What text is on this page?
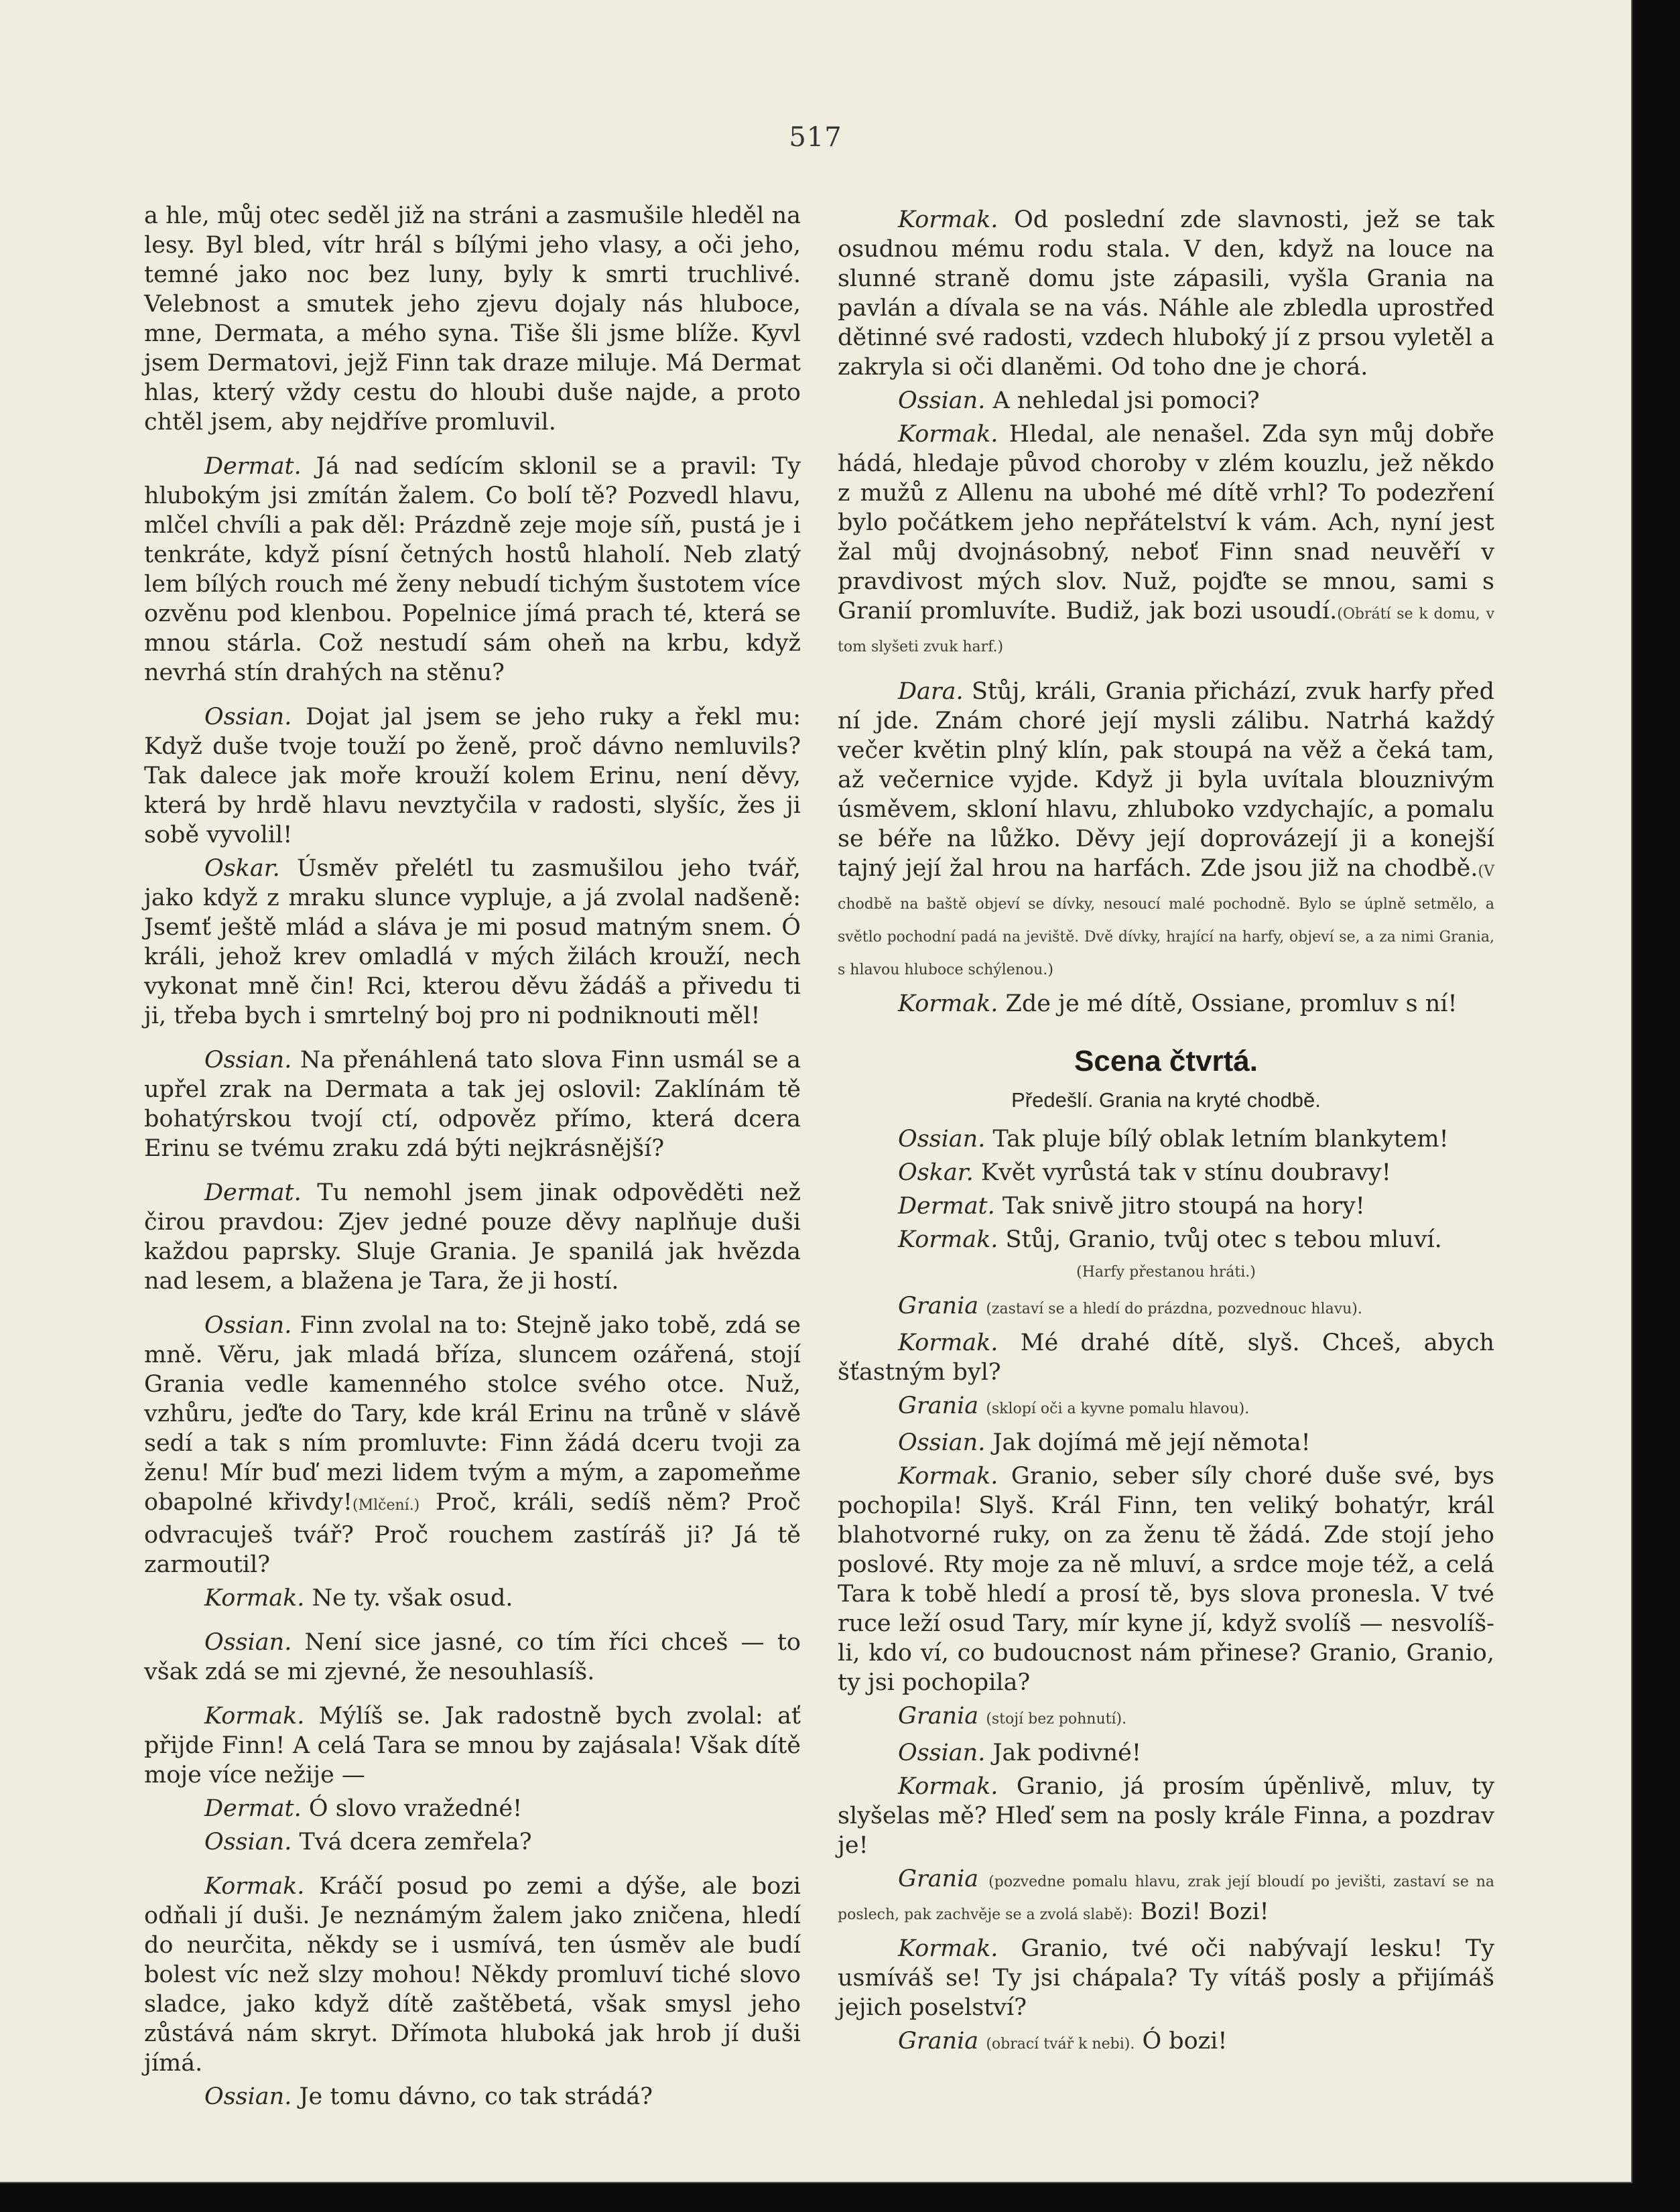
517

a hle, můj otec seděl již na stráni a zasmušile hleděl na lesy. Byl bled, vítr hrál s bílými jeho vlasy, a oči jeho, temné jako noc bez luny, byly k smrti truchlivé. Velebnost a smutek jeho zjevu dojaly nás hluboce, mne, Dermata, a mého syna. Tiše šli jsme blíže. Kyvl jsem Dermatovi, jejž Finn tak draze miluje. Má Dermat hlas, který vždy cestu do hloubi duše najde, a proto chtěl jsem, aby nejdříve promluvil.

Dermat. Já nad sedícím sklonil se a pravil: Ty hlubokým jsi zmítán žalem. Co bolí tě? Pozvedl hlavu, mlčel chvíli a pak děl: Prázdně zeje moje síň, pustá je i tenkráte, když písní četných hostů hlaholí. Neb zlatý lem bílých rouch mé ženy nebudí tichým šustotem více ozvěnu pod klenbou. Popelnice jímá prach té, která se mnou stárla. Což nestudí sám oheň na krbu, když nevrhá stín drahých na stěnu?

Ossian. Dojat jal jsem se jeho ruky a řekl mu: Když duše tvoje touží po ženě, proč dávno nemluvils? Tak dalece jak moře krouží kolem Erinu, není děvy, která by hrdě hlavu nevztyčila v radosti, slyšíc, žes ji sobě vyvolil!

Oskar. Úsměv přelétl tu zasmušilou jeho tvář, jako když z mraku slunce vypluje, a já zvolal nadšeně: Jsemť ještě mlád a sláva je mi posud matným snem. Ó králi, jehož krev omladlá v mých žilách krouží, nech vykonat mně čin! Rci, kterou děvu žádáš a přivedu ti ji, třeba bych i smrtelný boj pro ni podniknouti měl!

Ossian. Na přenáhlená tato slova Finn usmál se a upřel zrak na Dermata a tak jej oslovil: Zaklínám tě bohatýrskou tvojí ctí, odpověz přímo, která dcera Erinu se tvému zraku zdá býti nejkrásnější?

Dermat. Tu nemohl jsem jinak odpověděti než čirou pravdou: Zjev jedné pouze děvy naplňuje duši každou paprsky. Sluje Grania. Je spanilá jak hvězda nad lesem, a blažena je Tara, že ji hostí.

Ossian. Finn zvolal na to: Stejně jako tobě, zdá se mně. Věru, jak mladá bříza, sluncem ozářená, stojí Grania vedle kamenného stolce svého otce. Nuž, vzhůru, jeďte do Tary, kde král Erinu na trůně v slávě sedí a tak s ním promluvte: Finn žádá dceru tvoji za ženu! Mír buď mezi lidem tvým a mým, a zapomeňme obapolné křivdy!(Mlčení.) Proč, králi, sedíš něm? Proč odvracuješ tvář? Proč rouchem zastíráš ji? Já tě zarmoutil?

Kormak. Ne ty. však osud.

Ossian. Není sice jasné, co tím říci chceš — to však zdá se mi zjevné, že nesouhlasíš.

Kormak. Mýlíš se. Jak radostně bych zvolal: ať přijde Finn! A celá Tara se mnou by zajásala! Však dítě moje více nežije —

Dermat. Ó slovo vražedné!

Ossian. Tvá dcera zemřela?

Kormak. Kráčí posud po zemi a dýše, ale bozi odňali jí duši. Je neznámým žalem jako zničena, hledí do neurčita, někdy se i usmívá, ten úsměv ale budí bolest víc než slzy mohou! Někdy promluví tiché slovo sladce, jako když dítě zaštěbetá, však smysl jeho zůstává nám skryt. Dřímota hluboká jak hrob jí duši jímá.

Ossian. Je tomu dávno, co tak strádá?

Kormak. Od poslední zde slavnosti, jež se tak osudnou mému rodu stala. V den, když na louce na slunné straně domu jste zápasili, vyšla Grania na pavlán a dívala se na vás. Náhle ale zbledla uprostřed dětinné své radosti, vzdech hluboký jí z prsou vyletěl a zakryla si oči dlaněmi. Od toho dne je chorá.

Ossian. A nehledal jsi pomoci?

Kormak. Hledal, ale nenašel. Zda syn můj dobře hádá, hledaje původ choroby v zlém kouzlu, jež někdo z mužů z Allenu na ubohé mé dítě vrhl? To podezření bylo počátkem jeho nepřátelství k vám. Ach, nyní jest žal můj dvojnásobný, neboť Finn snad neuvěří v pravdivost mých slov. Nuž, pojďte se mnou, sami s Granií promluvíte. Budiž, jak bozi usoudí.(Obrátí se k domu, v tom slyšeti zvuk harf.)

Dara. Stůj, králi, Grania přichází, zvuk harfy před ní jde. Znám choré její mysli zálibu. Natrhá každý večer květin plný klín, pak stoupá na věž a čeká tam, až večernice vyjde. Když ji byla uvítala blouznivým úsměvem, skloní hlavu, zhluboko vzdychajíc, a pomalu se béře na lůžko. Děvy její doprovázejí ji a konejší tajný její žal hrou na harfách. Zde jsou již na chodbě.(V chodbě na baště objeví se dívky, nesoucí malé pochodně. Bylo se úplně setmělo, a světlo pochodní padá na jeviště. Dvě dívky, hrající na harfy, objeví se, a za nimi Grania, s hlavou hluboce schýlenou.)

Kormak. Zde je mé dítě, Ossiane, promluv s ní!

Scena čtvrtá.
Předešlí. Grania na kryté chodbě.

Ossian. Tak pluje bílý oblak letním blankytem!

Oskar. Květ vyrůstá tak v stínu doubravy!

Dermat. Tak snivě jitro stoupá na hory!

Kormak. Stůj, Granio, tvůj otec s tebou mluví.

(Harfy přestanou hráti.)

Grania (zastaví se a hledí do prázdna, pozvednouc hlavu).

Kormak. Mé drahé dítě, slyš. Chceš, abych šťastným byl?

Grania (sklopí oči a kyvne pomalu hlavou).

Ossian. Jak dojímá mě její němota!

Kormak. Granio, seber síly choré duše své, bys pochopila! Slyš. Král Finn, ten veliký bohatýr, král blahotvorné ruky, on za ženu tě žádá. Zde stojí jeho poslové. Rty moje za ně mluví, a srdce moje též, a celá Tara k tobě hledí a prosí tě, bys slova pronesla. V tvé ruce leží osud Tary, mír kyne jí, když svolíš — nesvolíš-li, kdo ví, co budoucnost nám přinese? Granio, Granio, ty jsi pochopila?

Grania (stojí bez pohnutí).

Ossian. Jak podivné!

Kormak. Granio, já prosím úpěnlivě, mluv, ty slyšelas mě? Hleď sem na posly krále Finna, a pozdrav je!

Grania (pozvedne pomalu hlavu, zrak její bloudí po jevišti, zastaví se na poslech, pak zachvěje se a zvolá slabě): Bozi! Bozi!

Kormak. Granio, tvé oči nabývají lesku! Ty usmíváš se! Ty jsi chápala? Ty vítáš posly a přijímáš jejich poselství?

Grania (obrací tvář k nebi). Ó bozi!
